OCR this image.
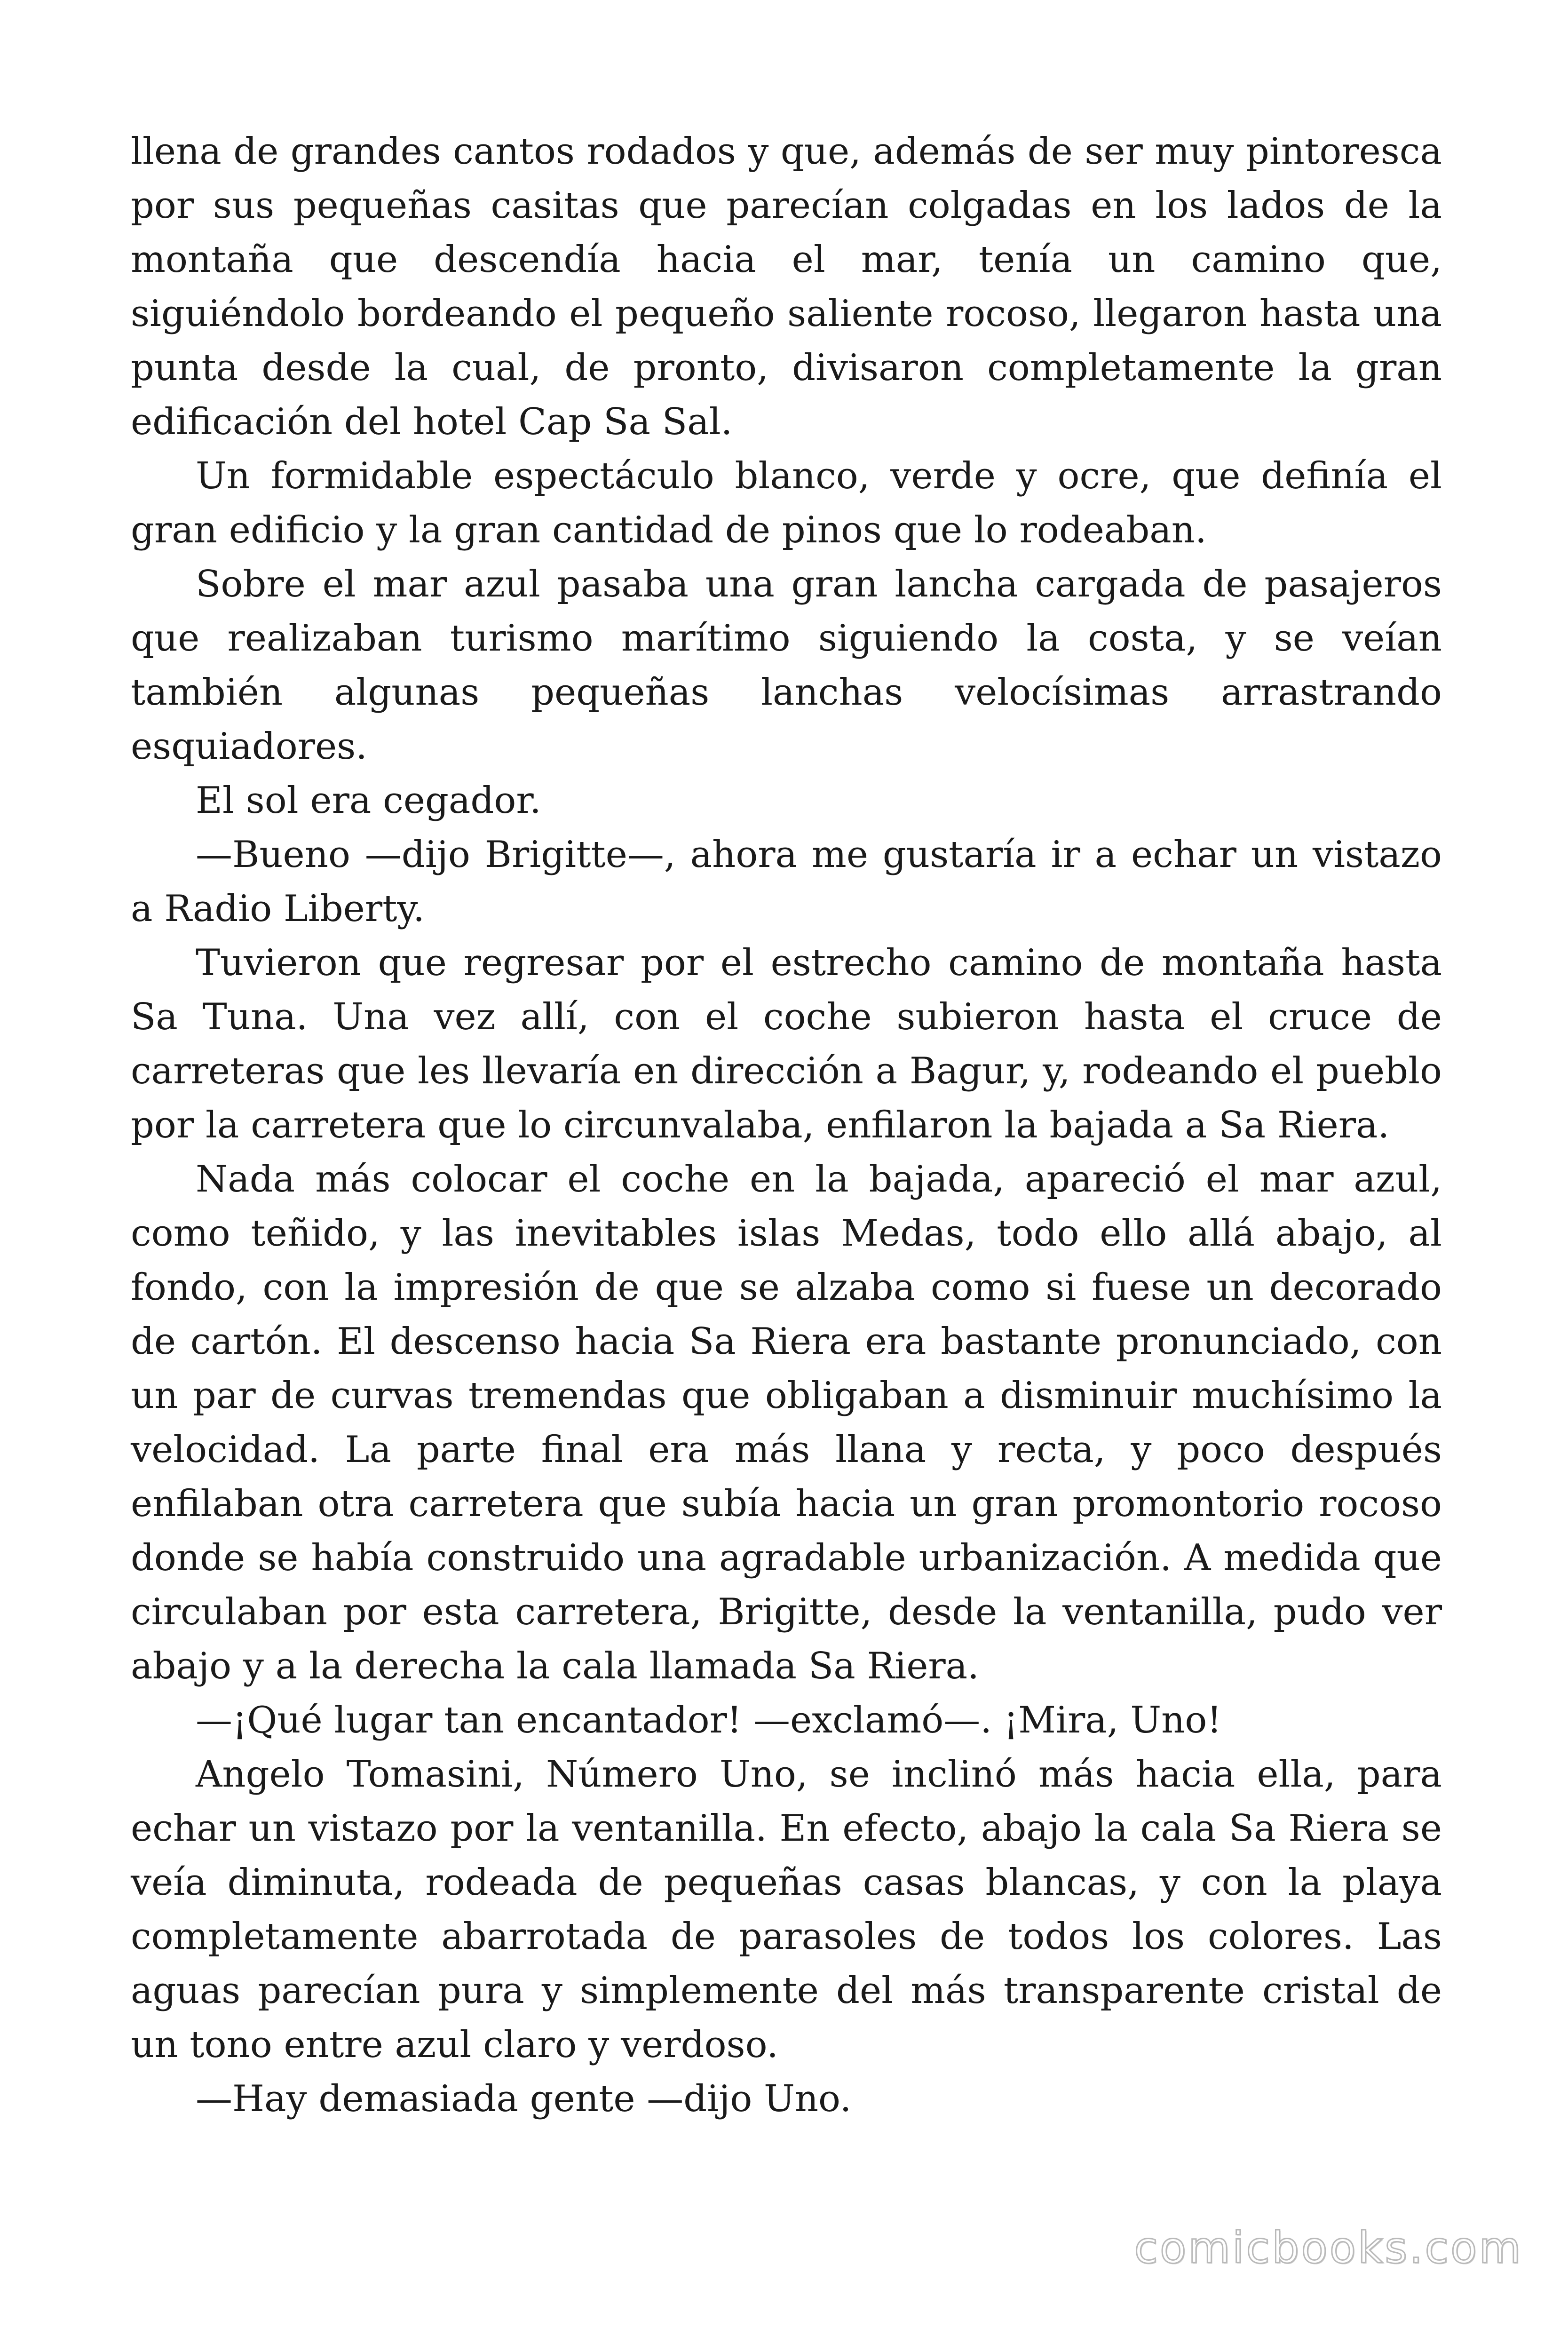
llena de grandes cantos rodados y que, además de ser muy pintoresca por sus pequeñas casitas que parecían colgadas en los lados de la montaña que descendía hacia el mar, tenía un camino que, siguiéndolo bordeando el pequeño saliente rocoso, llegaron hasta una punta desde la cual, de pronto, divisaron completamente la gran edificación del hotel Cap Sa Sal.

Un formidable espectáculo blanco, verde y ocre, que definía el gran edificio y la gran cantidad de pinos que lo rodeaban.

Sobre el mar azul pasaba una gran lancha cargada de pasajeros que realizaban turismo marítimo siguiendo la costa, y se veían también algunas pequeñas lanchas velocísimas arrastrando esquiadores.

El sol era cegador.

—Bueno —dijo Brigitte—, ahora me gustaría ir a echar un vistazo a Radio Liberty.

Tuvieron que regresar por el estrecho camino de montaña hasta Sa Tuna. Una vez allí, con el coche subieron hasta el cruce de carreteras que les llevaría en dirección a Bagur, y, rodeando el pueblo por la carretera que lo circunvalaba, enfilaron la bajada a Sa Riera.

Nada más colocar el coche en la bajada, apareció el mar azul, como teñido, y las inevitables islas Medas, todo ello allá abajo, al fondo, con la impresión de que se alzaba como si fuese un decorado de cartón. El descenso hacia Sa Riera era bastante pronunciado, con un par de curvas tremendas que obligaban a disminuir muchísimo la velocidad. La parte final era más llana y recta, y poco después enfilaban otra carretera que subía hacia un gran promontorio rocoso donde se había construido una agradable urbanización. A medida que circulaban por esta carretera, Brigitte, desde la ventanilla, pudo ver abajo y a la derecha la cala llamada Sa Riera.

—¡Qué lugar tan encantador! —exclamó—. ¡Mira, Uno!

Angelo Tomasini, Número Uno, se inclinó más hacia ella, para echar un vistazo por la ventanilla. En efecto, abajo la cala Sa Riera se veía diminuta, rodeada de pequeñas casas blancas, y con la playa completamente abarrotada de parasoles de todos los colores. Las aguas parecían pura y simplemente del más transparente cristal de un tono entre azul claro y verdoso.

—Hay demasiada gente —dijo Uno.

comicbooks.com
